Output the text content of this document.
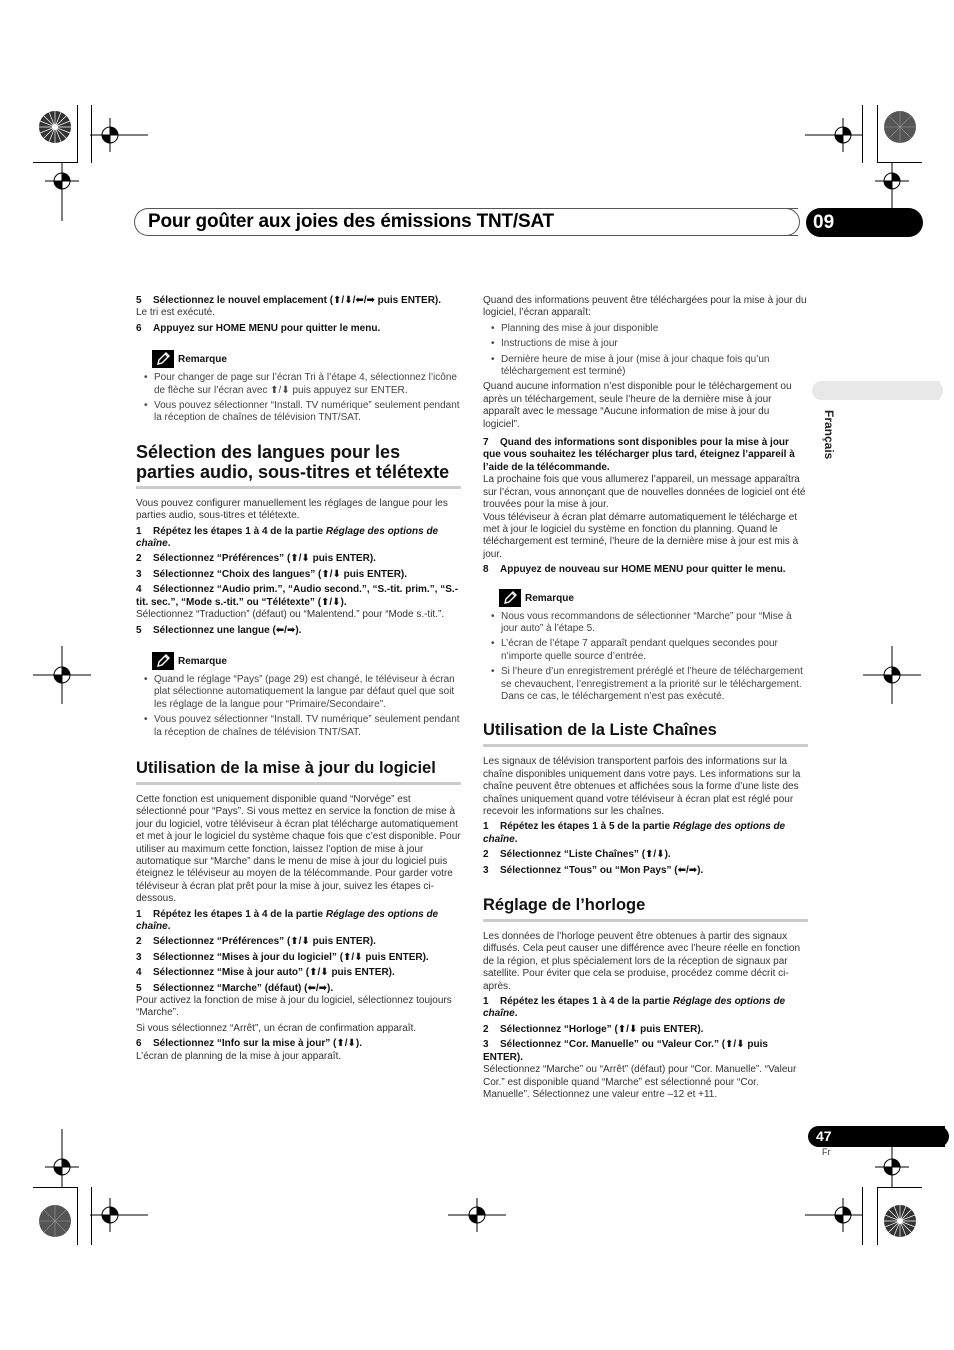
Pour goûter aux joies des émissions TNT/SAT	09
Français

5 Sélectionnez le nouvel emplacement (⬆/⬇/⬅/➡ puis ENTER).

Le tri est exécuté.

6 Appuyez sur HOME MENU pour quitter le menu.

Remarque
• Pour changer de page sur l’écran Tri à l’étape 4, sélectionnez l’icône de flèche sur l’écran avec ⬆/⬇ puis appuyez sur ENTER.
• Vous pouvez sélectionner “Install. TV numérique” seulement pendant la réception de chaînes de télévision TNT/SAT.
Sélection des langues pour les parties audio, sous-titres et télétexte

Vous pouvez configurer manuellement les réglages de langue pour les parties audio, sous-titres et télétexte.

1 Répétez les étapes 1 à 4 de la partie Réglage des options de chaîne.

2 Sélectionnez “Préférences” (⬆/⬇ puis ENTER).

3 Sélectionnez “Choix des langues” (⬆/⬇ puis ENTER).

4 Sélectionnez “Audio prim.”, “Audio second.”, “S.-tit. prim.”, “S.-tit. sec.”, “Mode s.-tit.” ou “Télétexte” (⬆/⬇).

Sélectionnez “Traduction” (défaut) ou “Malentend.” pour “Mode s.-tit.”.

5 Sélectionnez une langue (⬅/➡).

Remarque
• Quand le réglage “Pays” (page 29) est changé, le téléviseur à écran plat sélectionne automatiquement la langue par défaut quel que soit les réglage de la langue pour “Primaire/Secondaire”.
• Vous pouvez sélectionner “Install. TV numérique” seulement pendant la réception de chaînes de télévision TNT/SAT.
Utilisation de la mise à jour du logiciel

Cette fonction est uniquement disponible quand “Norvège” est sélectionné pour “Pays”. Si vous mettez en service la fonction de mise à jour du logiciel, votre téléviseur à écran plat télécharge automatiquement et met à jour le logiciel du système chaque fois que c’est disponible. Pour utiliser au maximum cette fonction, laissez l’option de mise à jour automatique sur “Marche” dans le menu de mise à jour du logiciel puis éteignez le téléviseur au moyen de la télécommande. Pour garder votre téléviseur à écran plat prêt pour la mise à jour, suivez les étapes ci-dessous.

1 Répétez les étapes 1 à 4 de la partie Réglage des options de chaîne.

2 Sélectionnez “Préférences” (⬆/⬇ puis ENTER).

3 Sélectionnez “Mises à jour du logiciel” (⬆/⬇ puis ENTER).

4 Sélectionnez “Mise à jour auto” (⬆/⬇ puis ENTER).

5 Sélectionnez “Marche” (défaut) (⬅/➡).

Pour activez la fonction de mise à jour du logiciel, sélectionnez toujours “Marche”.

Si vous sélectionnez “Arrêt”, un écran de confirmation apparaît.

6 Sélectionnez “Info sur la mise à jour” (⬆/⬇).

L’écran de planning de la mise à jour apparaît.

Quand des informations peuvent être téléchargées pour la mise à jour du logiciel, l’écran apparaît:

• Planning des mise à jour disponible
• Instructions de mise à jour
• Dernière heure de mise à jour (mise à jour chaque fois qu’un téléchargement est terminé)

Quand aucune information n’est disponible pour le téléchargement ou après un téléchargement, seule l’heure de la dernière mise à jour apparaît avec le message “Aucune information de mise à jour du logiciel”.

7 Quand des informations sont disponibles pour la mise à jour que vous souhaitez les télécharger plus tard, éteignez l’appareil à l’aide de la télécommande.

La prochaine fois que vous allumerez l’appareil, un message apparaîtra sur l’écran, vous annonçant que de nouvelles données de logiciel ont été trouvées pour la mise à jour.

Vous téléviseur à écran plat démarre automatiquement le télécharge et met à jour le logiciel du système en fonction du planning. Quand le téléchargement est terminé, l’heure de la dernière mise à jour est mis à jour.

8 Appuyez de nouveau sur HOME MENU pour quitter le menu.

Remarque
• Nous vous recommandons de sélectionner “Marche” pour “Mise à jour auto” à l’étape 5.
• L’écran de l’étape 7 apparaît pendant quelques secondes pour n’importe quelle source d’entrée.
• Si l’heure d’un enregistrement préréglé et l’heure de téléchargement se chevauchent, l’enregistrement a la priorité sur le téléchargement. Dans ce cas, le téléchargement n’est pas exécuté.
Utilisation de la Liste Chaînes

Les signaux de télévision transportent parfois des informations sur la chaîne disponibles uniquement dans votre pays. Les informations sur la chaîne peuvent être obtenues et affichées sous la forme d’une liste des chaînes uniquement quand votre téléviseur à écran plat est réglé pour recevoir les informations sur les chaînes.

1 Répétez les étapes 1 à 5 de la partie Réglage des options de chaîne.

2 Sélectionnez “Liste Chaînes” (⬆/⬇).

3 Sélectionnez “Tous” ou “Mon Pays” (⬅/➡).

Réglage de l’horloge

Les données de l’horloge peuvent être obtenues à partir des signaux diffusés. Cela peut causer une différence avec l’heure réelle en fonction de la région, et plus spécialement lors de la réception de signaux par satellite. Pour éviter que cela se produise, procédez comme décrit ci-après.

1 Répétez les étapes 1 à 4 de la partie Réglage des options de chaîne.

2 Sélectionnez “Horloge” (⬆/⬇ puis ENTER).

3 Sélectionnez “Cor. Manuelle” ou “Valeur Cor.” (⬆/⬇ puis ENTER).

Sélectionnez “Marche” ou “Arrêt” (défaut) pour “Cor. Manuelle”. “Valeur Cor.” est disponible quand “Marche” est sélectionné pour “Cor. Manuelle”. Sélectionnez une valeur entre –12 et +11.

47
Fr
